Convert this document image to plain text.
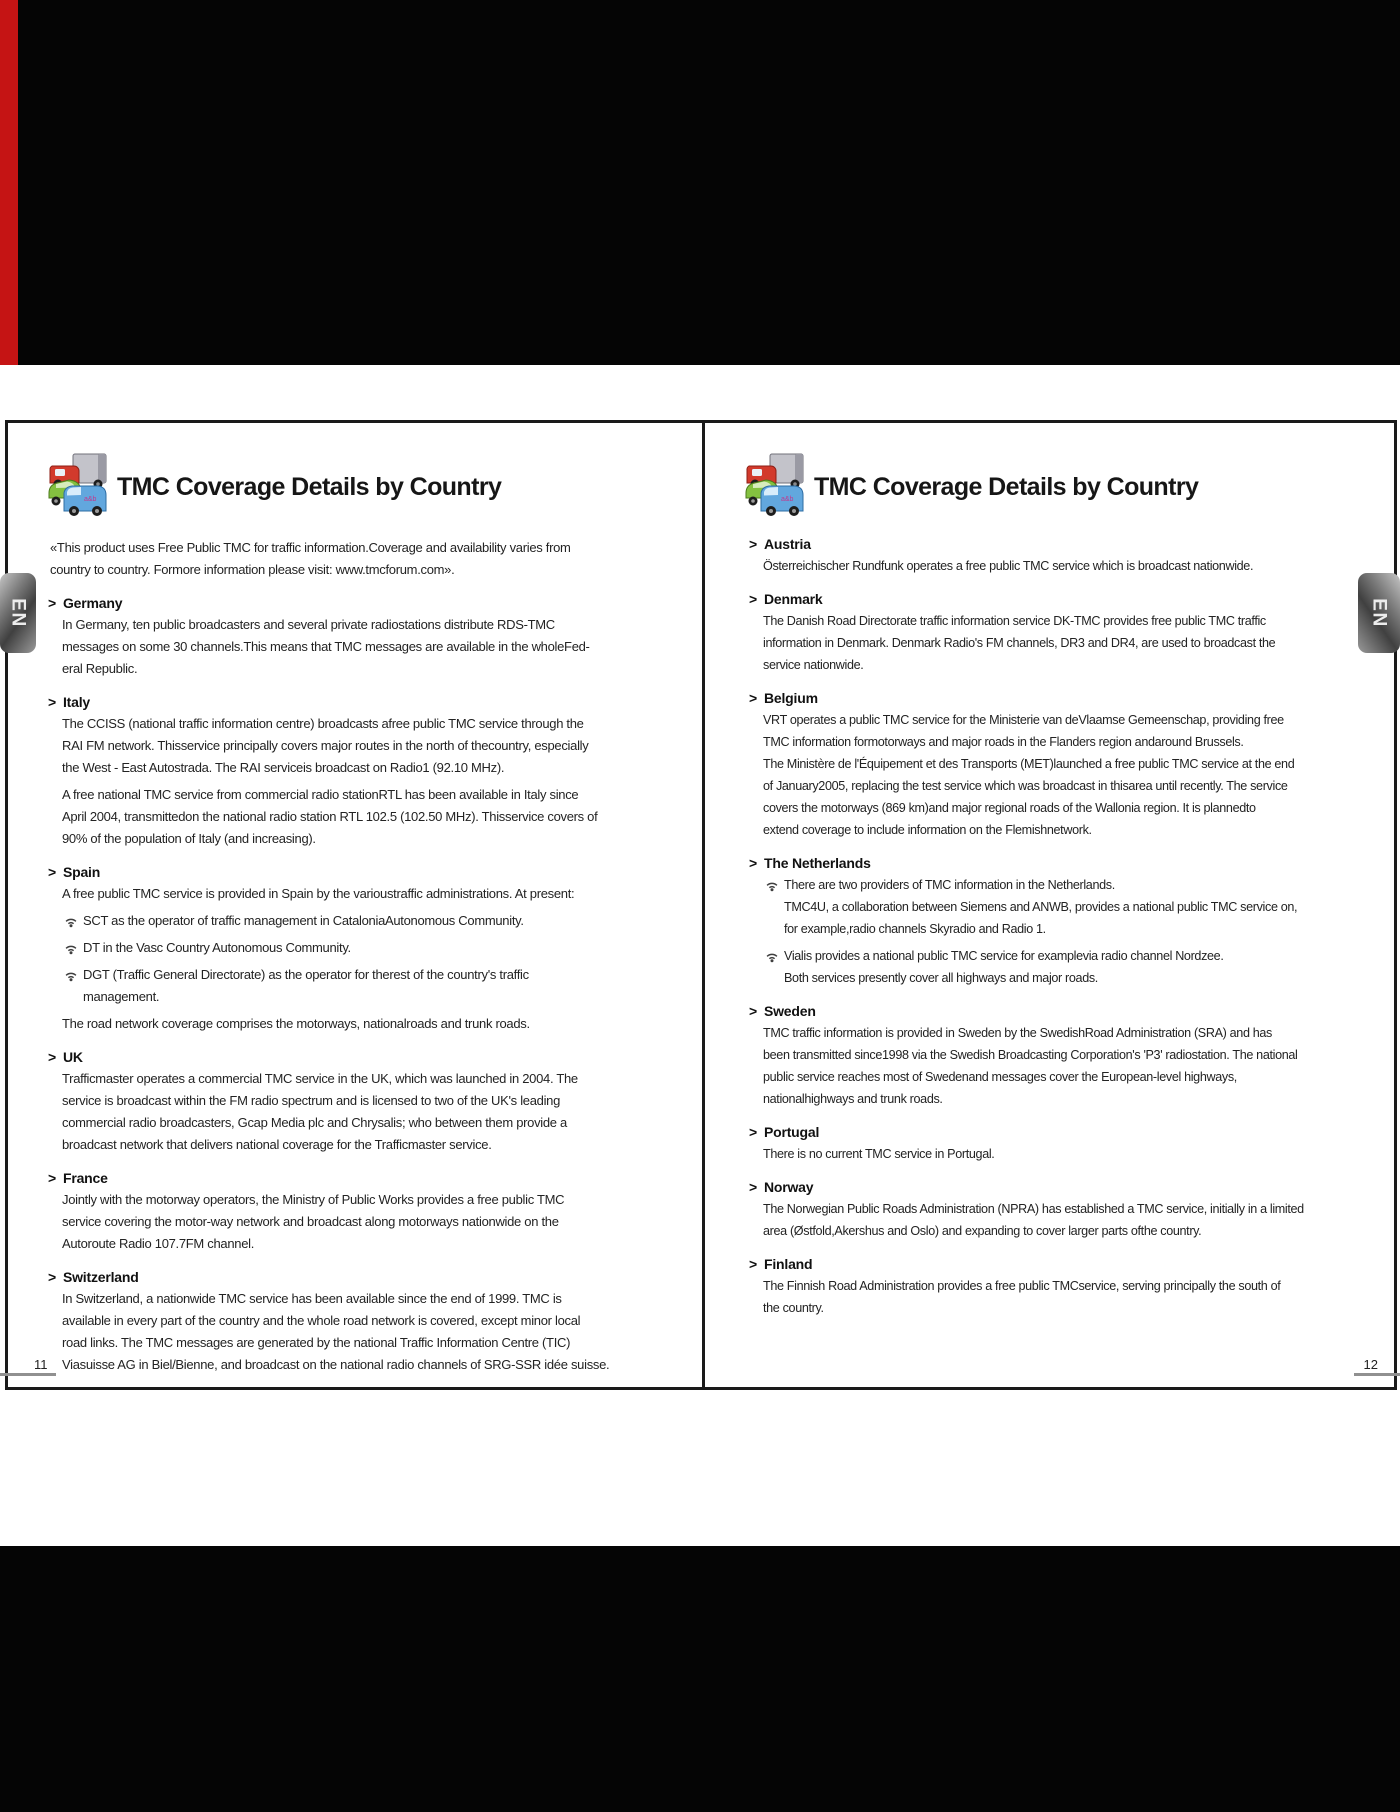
a&b TMC Coverage Details by Country
«This product uses Free Public TMC for traffic information.Coverage and availability varies from
country to country. Formore information please visit: www.tmcforum.com».
> Germany
In Germany, ten public broadcasters and several private radiostations distribute RDS-TMC
messages on some 30 channels.This means that TMC messages are available in the wholeFed-
eral Republic.
> Italy
The CCISS (national traffic information centre) broadcasts afree public TMC service through the
RAI FM network. Thisservice principally covers major routes in the north of thecountry, especially
the West - East Autostrada. The RAI serviceis broadcast on Radio1 (92.10 MHz).
A free national TMC service from commercial radio stationRTL has been available in Italy since
April 2004, transmittedon the national radio station RTL 102.5 (102.50 MHz). Thisservice covers of
90% of the population of Italy (and increasing).
> Spain
A free public TMC service is provided in Spain by the varioustraffic administrations. At present:
SCT as the operator of traffic management in CataloniaAutonomous Community.
DT in the Vasc Country Autonomous Community.
DGT (Traffic General Directorate) as the operator for therest of the country's traffic
management.
The road network coverage comprises the motorways, nationalroads and trunk roads.
> UK
Trafficmaster operates a commercial TMC service in the UK, which was launched in 2004. The
service is broadcast within the FM radio spectrum and is licensed to two of the UK's leading
commercial radio broadcasters, Gcap Media plc and Chrysalis; who between them provide a
broadcast network that delivers national coverage for the Trafficmaster service.
> France
Jointly with the motorway operators, the Ministry of Public Works provides a free public TMC
service covering the motor-way network and broadcast along motorways nationwide on the
Autoroute Radio 107.7FM channel.
> Switzerland
In Switzerland, a nationwide TMC service has been available since the end of 1999. TMC is
available in every part of the country and the whole road network is covered, except minor local
road links. The TMC messages are generated by the national Traffic Information Centre (TIC)
Viasuisse AG in Biel/Bienne, and broadcast on the national radio channels of SRG-SSR idée suisse.
11
a&b TMC Coverage Details by Country
> Austria
Österreichischer Rundfunk operates a free public TMC service which is broadcast nationwide.
> Denmark
The Danish Road Directorate traffic information service DK-TMC provides free public TMC traffic
information in Denmark. Denmark Radio's FM channels, DR3 and DR4, are used to broadcast the
service nationwide.
> Belgium
VRT operates a public TMC service for the Ministerie van deVlaamse Gemeenschap, providing free
TMC information formotorways and major roads in the Flanders region andaround Brussels.
The Ministère de l'Équipement et des Transports (MET)launched a free public TMC service at the end
of January2005, replacing the test service which was broadcast in thisarea until recently. The service
covers the motorways (869 km)and major regional roads of the Wallonia region. It is plannedto
extend coverage to include information on the Flemishnetwork.
> The Netherlands
There are two providers of TMC information in the Netherlands.
TMC4U, a collaboration between Siemens and ANWB, provides a national public TMC service on,
for example,radio channels Skyradio and Radio 1.
Vialis provides a national public TMC service for examplevia radio channel Nordzee.
Both services presently cover all highways and major roads.
> Sweden
TMC traffic information is provided in Sweden by the SwedishRoad Administration (SRA) and has
been transmitted since1998 via the Swedish Broadcasting Corporation's 'P3' radiostation. The national
public service reaches most of Swedenand messages cover the European-level highways,
nationalhighways and trunk roads.
> Portugal
There is no current TMC service in Portugal.
> Norway
The Norwegian Public Roads Administration (NPRA) has established a TMC service, initially in a limited
area (Østfold,Akershus and Oslo) and expanding to cover larger parts ofthe country.
> Finland
The Finnish Road Administration provides a free public TMCservice, serving principally the south of
the country.
12
EN	EN
